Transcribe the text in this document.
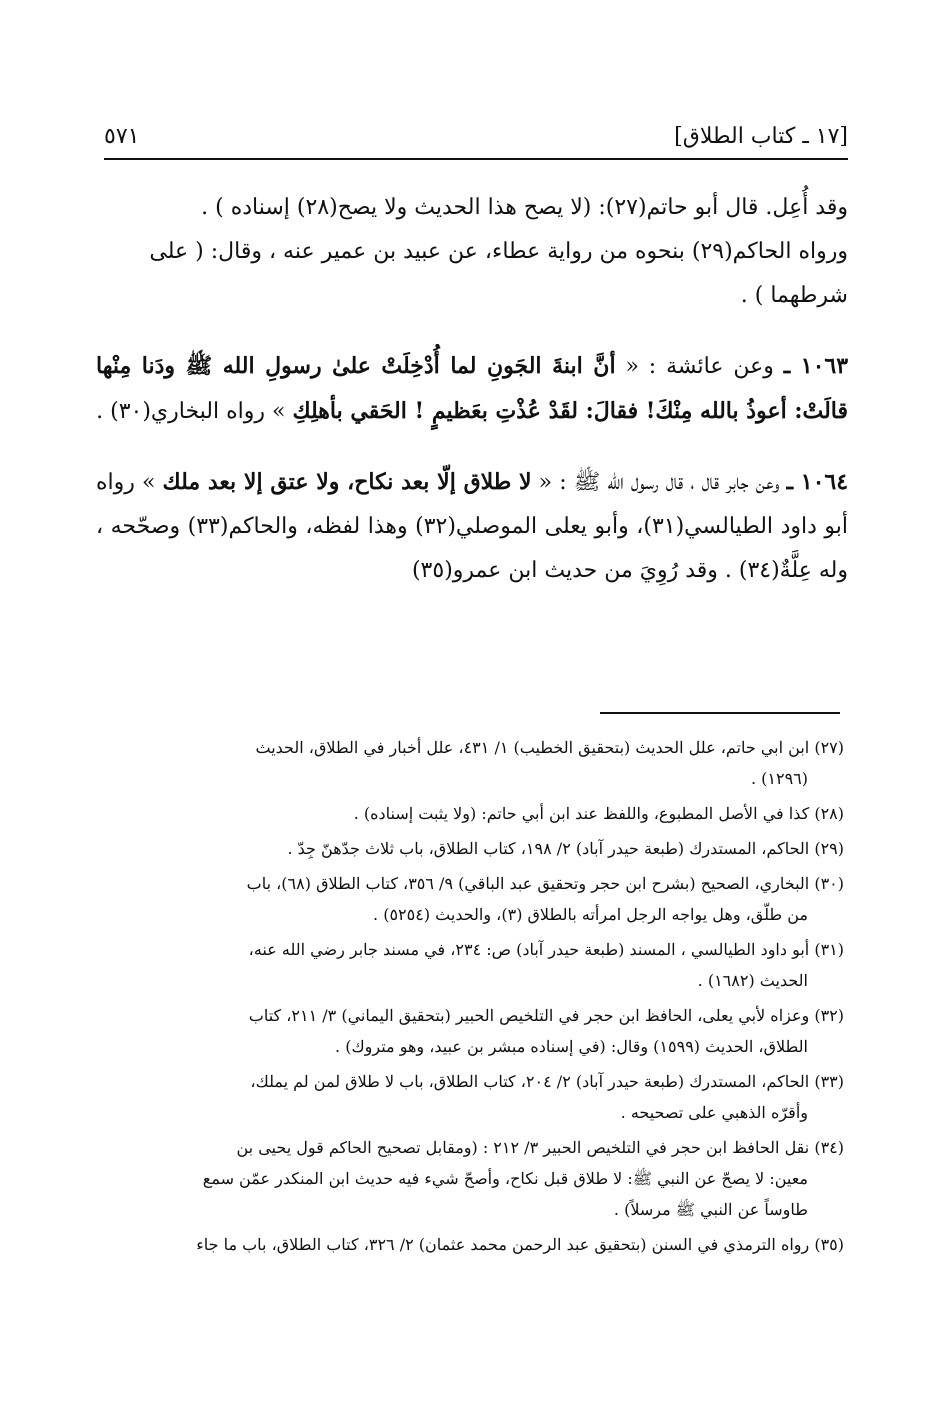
[١٧ ـ كتاب الطلاق]
٥٧١

وقد أُعِل. قال أبو حاتم(٢٧): (لا يصح هذا الحديث ولا يصح(٢٨) إسناده ) .
ورواه الحاكم(٢٩) بنحوه من رواية عطاء، عن عبيد بن عمير عنه ، وقال: ( على
شرطهما ) .

١٠٦٣ ـ وعن عائشة : « أنَّ ابنةَ الجَونِ لما أُدْخِلَتْ علىٰ رسولِ الله ﷺ ودَنا مِنْها قالَتْ: أعوذُ بالله مِنْكَ! فقالَ: لقَدْ عُذْتِ بعَظيمٍ ! الحَقي بأهلِكِ » رواه البخاري(٣٠) .

١٠٦٤ ـ وعن جابر قال ، قال رسول الله ﷺ : « لا طلاق إلّا بعد نكاح، ولا عتق إلا بعد ملك » رواه أبو داود الطيالسي(٣١)، وأبو يعلى الموصلي(٣٢) وهذا لفظه، والحاكم(٣٣) وصحّحه ، وله عِلَّةٌ(٣٤) . وقد رُوِيَ من حديث ابن عمرو(٣٥)

(٢٧) ابن ابي حاتم، علل الحديث (بتحقيق الخطيب) ١/ ٤٣١، علل أخبار في الطلاق، الحديث
(١٢٩٦) .
(٢٨) كذا في الأصل المطبوع، واللفظ عند ابن أبي حاتم: (ولا يثبت إسناده) .
(٢٩) الحاكم، المستدرك (طبعة حيدر آباد) ٢/ ١٩٨، كتاب الطلاق، باب ثلاث جدّهنّ جِدّ .
(٣٠) البخاري، الصحيح (بشرح ابن حجر وتحقيق عبد الباقي) ٩/ ٣٥٦، كتاب الطلاق (٦٨)، باب
من طلّق، وهل يواجه الرجل امرأته بالطلاق (٣)، والحديث (٥٢٥٤) .
(٣١) أبو داود الطيالسي ، المسند (طبعة حيدر آباد) ص: ٢٣٤، في مسند جابر رضي الله عنه،
الحديث (١٦٨٢) .
(٣٢) وعزاه لأبي يعلى، الحافظ ابن حجر في التلخيص الحبير (بتحقيق اليماني) ٣/ ٢١١، كتاب
الطلاق، الحديث (١٥٩٩) وقال: (في إسناده مبشر بن عبيد، وهو متروك) .
(٣٣) الحاكم، المستدرك (طبعة حيدر آباد) ٢/ ٢٠٤، كتاب الطلاق، باب لا طلاق لمن لم يملك،
وأقرّه الذهبي على تصحيحه .
(٣٤) نقل الحافظ ابن حجر في التلخيص الحبير ٣/ ٢١٢ : (ومقابل تصحيح الحاكم قول يحيى بن
معين: لا يصحّ عن النبي ﷺ: لا طلاق قبل نكاح، وأصحّ شيء فيه حديث ابن المنكدر عمّن سمع
طاوساً عن النبي ﷺ مرسلاً) .
(٣٥) رواه الترمذي في السنن (بتحقيق عبد الرحمن محمد عثمان) ٢/ ٣٢٦، كتاب الطلاق، باب ما جاء
